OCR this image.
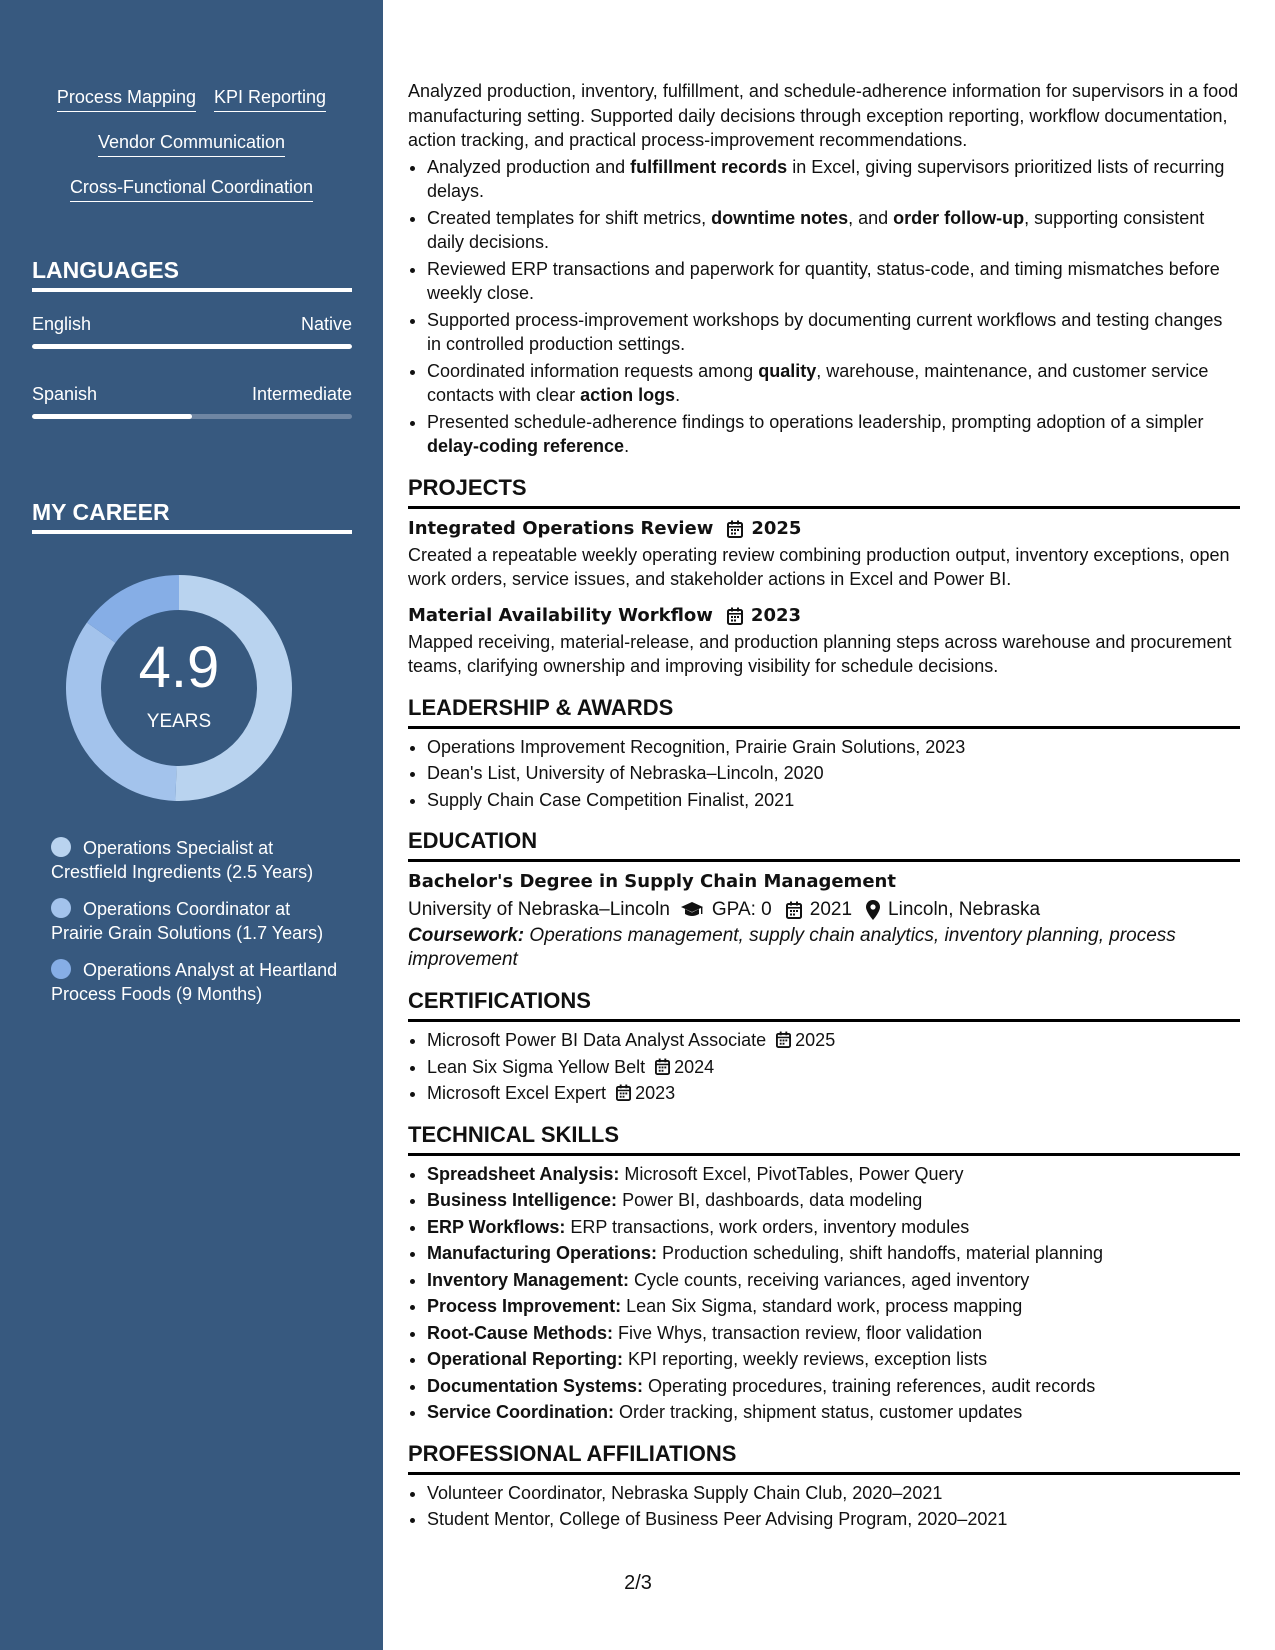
Process Mapping KPI Reporting
Vendor Communication
Cross-Functional Coordination
LANGUAGES
English	Native
Spanish	Intermediate
MY CAREER
4.9
YEARS
Operations Specialist at Crestfield Ingredients (2.5 Years)
Operations Coordinator at Prairie Grain Solutions (1.7 Years)
Operations Analyst at Heartland Process Foods (9 Months)

Analyzed production, inventory, fulfillment, and schedule-adherence information for supervisors in a food manufacturing setting. Supported daily decisions through exception reporting, workflow documentation, action tracking, and practical process-improvement recommendations.

• Analyzed production and fulfillment records in Excel, giving supervisors prioritized lists of recurring delays.
• Created templates for shift metrics, downtime notes, and order follow-up, supporting consistent daily decisions.
• Reviewed ERP transactions and paperwork for quantity, status-code, and timing mismatches before weekly close.
• Supported process-improvement workshops by documenting current workflows and testing changes in controlled production settings.
• Coordinated information requests among quality, warehouse, maintenance, and customer service contacts with clear action logs.
• Presented schedule-adherence findings to operations leadership, prompting adoption of a simpler delay-coding reference.
PROJECTS
Integrated Operations Review 2025

Created a repeatable weekly operating review combining production output, inventory exceptions, open work orders, service issues, and stakeholder actions in Excel and Power BI.

Material Availability Workflow 2023

Mapped receiving, material-release, and production planning steps across warehouse and procurement teams, clarifying ownership and improving visibility for schedule decisions.

LEADERSHIP & AWARDS
• Operations Improvement Recognition, Prairie Grain Solutions, 2023
• Dean's List, University of Nebraska–Lincoln, 2020
• Supply Chain Case Competition Finalist, 2021
EDUCATION
Bachelor's Degree in Supply Chain Management
University of Nebraska–Lincoln GPA: 0 2021 Lincoln, Nebraska

Coursework: Operations management, supply chain analytics, inventory planning, process improvement

CERTIFICATIONS
• Microsoft Power BI Data Analyst Associate 2025
• Lean Six Sigma Yellow Belt 2024
• Microsoft Excel Expert 2023
TECHNICAL SKILLS
• Spreadsheet Analysis: Microsoft Excel, PivotTables, Power Query
• Business Intelligence: Power BI, dashboards, data modeling
• ERP Workflows: ERP transactions, work orders, inventory modules
• Manufacturing Operations: Production scheduling, shift handoffs, material planning
• Inventory Management: Cycle counts, receiving variances, aged inventory
• Process Improvement: Lean Six Sigma, standard work, process mapping
• Root-Cause Methods: Five Whys, transaction review, floor validation
• Operational Reporting: KPI reporting, weekly reviews, exception lists
• Documentation Systems: Operating procedures, training references, audit records
• Service Coordination: Order tracking, shipment status, customer updates
PROFESSIONAL AFFILIATIONS
• Volunteer Coordinator, Nebraska Supply Chain Club, 2020–2021
• Student Mentor, College of Business Peer Advising Program, 2020–2021
2/3
